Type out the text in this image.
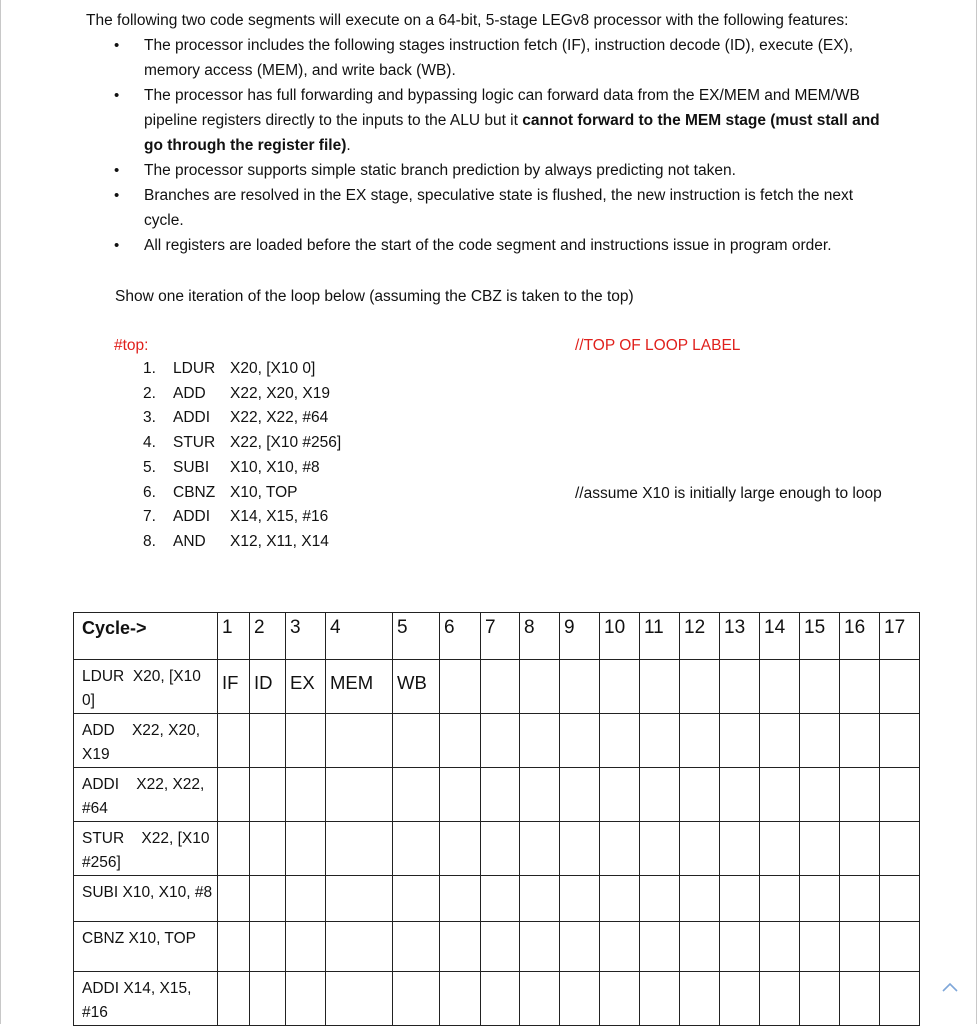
The following two code segments will execute on a 64-bit, 5-stage LEGv8 processor with the following features:
• The processor includes the following stages instruction fetch (IF), instruction decode (ID), execute (EX),
memory access (MEM), and write back (WB).
• The processor has full forwarding and bypassing logic can forward data from the EX/MEM and MEM/WB
pipeline registers directly to the inputs to the ALU but it cannot forward to the MEM stage (must stall and
go through the register file).
• The processor supports simple static branch prediction by always predicting not taken.
• Branches are resolved in the EX stage, speculative state is flushed, the new instruction is fetch the next
cycle.
• All registers are loaded before the start of the code segment and instructions issue in program order.
Show one iteration of the loop below (assuming the CBZ is taken to the top)
#top:	//TOP OF LOOP LABEL
//assume X10 is initially large enough to loop
1.	LDUR X20, [X10 0]
2.	ADD	X22, X20, X19
3.	ADDI	X22, X22, #64
4.	STUR X22, [X10 #256]
5.	SUBI	X10, X10, #8
6.	CBNZ X10, TOP
7.	ADDI	X14, X15, #16
8.	AND	X12, X11, X14
Cycle->	1	2	3	4	5	6	7	8	9	10	11	12	13	14	15	16	17
LDUR  X20, [X10
0]	IF	ID	EX	MEM	WB												
ADD    X22, X20,
X19																	
ADDI    X22, X22,
#64																	
STUR    X22, [X10
#256]																	
SUBI X10, X10, #8																	
CBNZ X10, TOP																	
ADDI X14, X15,
#16																	
